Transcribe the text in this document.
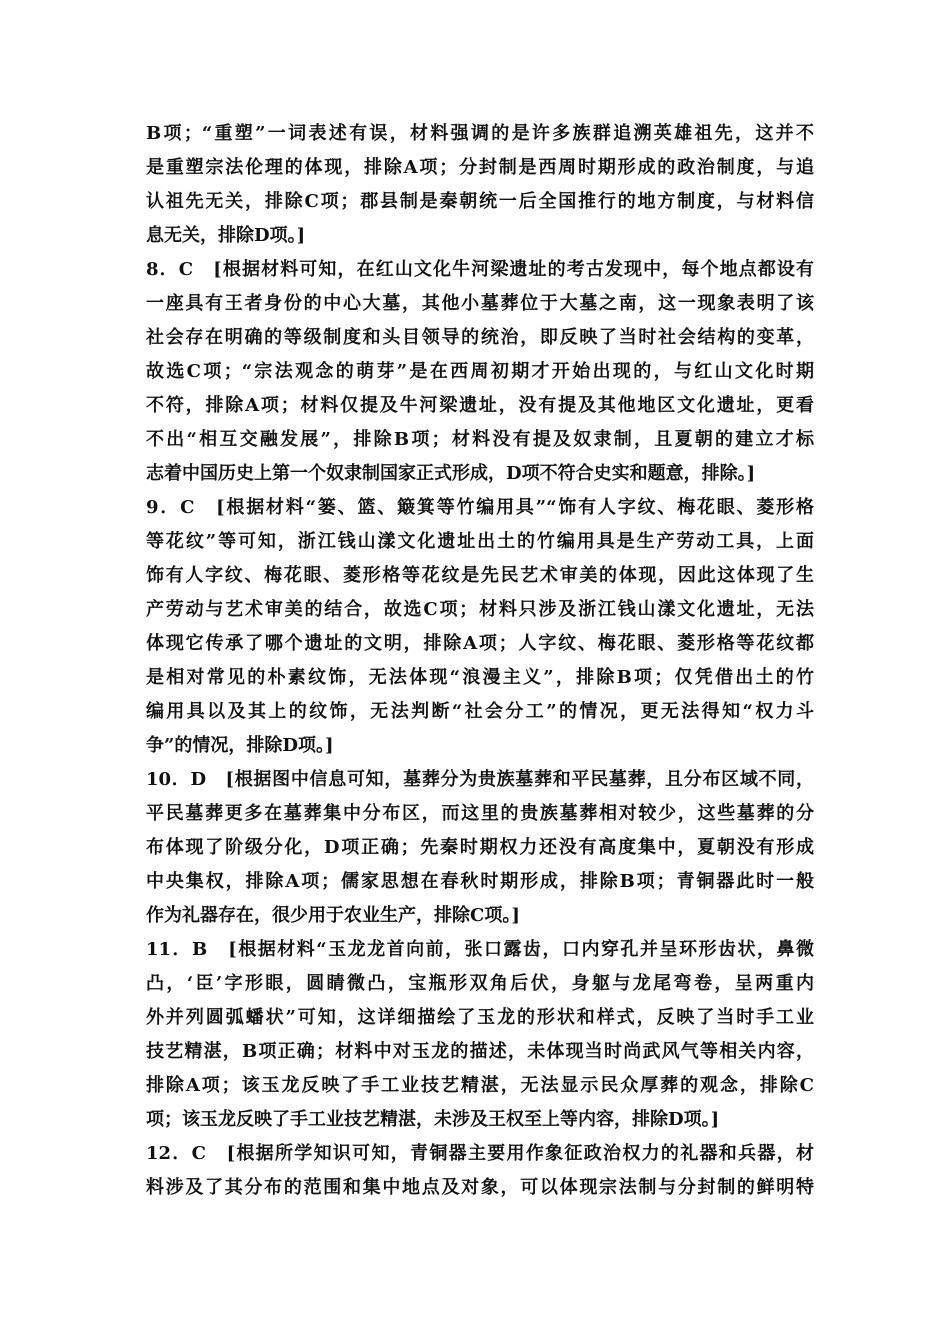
B项；“重塑”一词表述有误，材料强调的是许多族群追溯英雄祖先，这并不
是重塑宗法伦理的体现，排除A项；分封制是西周时期形成的政治制度，与追
认祖先无关，排除C项；郡县制是秦朝统一后全国推行的地方制度，与材料信
息无关，排除D项。]
8．C　[根据材料可知，在红山文化牛河梁遗址的考古发现中，每个地点都设有
一座具有王者身份的中心大墓，其他小墓葬位于大墓之南，这一现象表明了该
社会存在明确的等级制度和头目领导的统治，即反映了当时社会结构的变革，
故选C项；“宗法观念的萌芽”是在西周初期才开始出现的，与红山文化时期
不符，排除A项；材料仅提及牛河梁遗址，没有提及其他地区文化遗址，更看
不出“相互交融发展”，排除B项；材料没有提及奴隶制，且夏朝的建立才标
志着中国历史上第一个奴隶制国家正式形成，D项不符合史实和题意，排除。]
9．C　[根据材料“篓、篮、簸箕等竹编用具”“饰有人字纹、梅花眼、菱形格
等花纹”等可知，浙江钱山漾文化遗址出土的竹编用具是生产劳动工具，上面
饰有人字纹、梅花眼、菱形格等花纹是先民艺术审美的体现，因此这体现了生
产劳动与艺术审美的结合，故选C项；材料只涉及浙江钱山漾文化遗址，无法
体现它传承了哪个遗址的文明，排除A项；人字纹、梅花眼、菱形格等花纹都
是相对常见的朴素纹饰，无法体现“浪漫主义”，排除B项；仅凭借出土的竹
编用具以及其上的纹饰，无法判断“社会分工”的情况，更无法得知“权力斗
争”的情况，排除D项。]
10．D　[根据图中信息可知，墓葬分为贵族墓葬和平民墓葬，且分布区域不同，
平民墓葬更多在墓葬集中分布区，而这里的贵族墓葬相对较少，这些墓葬的分
布体现了阶级分化，D项正确；先秦时期权力还没有高度集中，夏朝没有形成
中央集权，排除A项；儒家思想在春秋时期形成，排除B项；青铜器此时一般
作为礼器存在，很少用于农业生产，排除C项。]
11．B　[根据材料“玉龙龙首向前，张口露齿，口内穿孔并呈环形齿状，鼻微
凸，‘臣’字形眼，圆睛微凸，宝瓶形双角后伏，身躯与龙尾弯卷，呈两重内
外并列圆弧蟠状”可知，这详细描绘了玉龙的形状和样式，反映了当时手工业
技艺精湛，B项正确；材料中对玉龙的描述，未体现当时尚武风气等相关内容，
排除A项；该玉龙反映了手工业技艺精湛，无法显示民众厚葬的观念，排除C
项；该玉龙反映了手工业技艺精湛，未涉及王权至上等内容，排除D项。]
12．C　[根据所学知识可知，青铜器主要用作象征政治权力的礼器和兵器，材
料涉及了其分布的范围和集中地点及对象，可以体现宗法制与分封制的鲜明特
